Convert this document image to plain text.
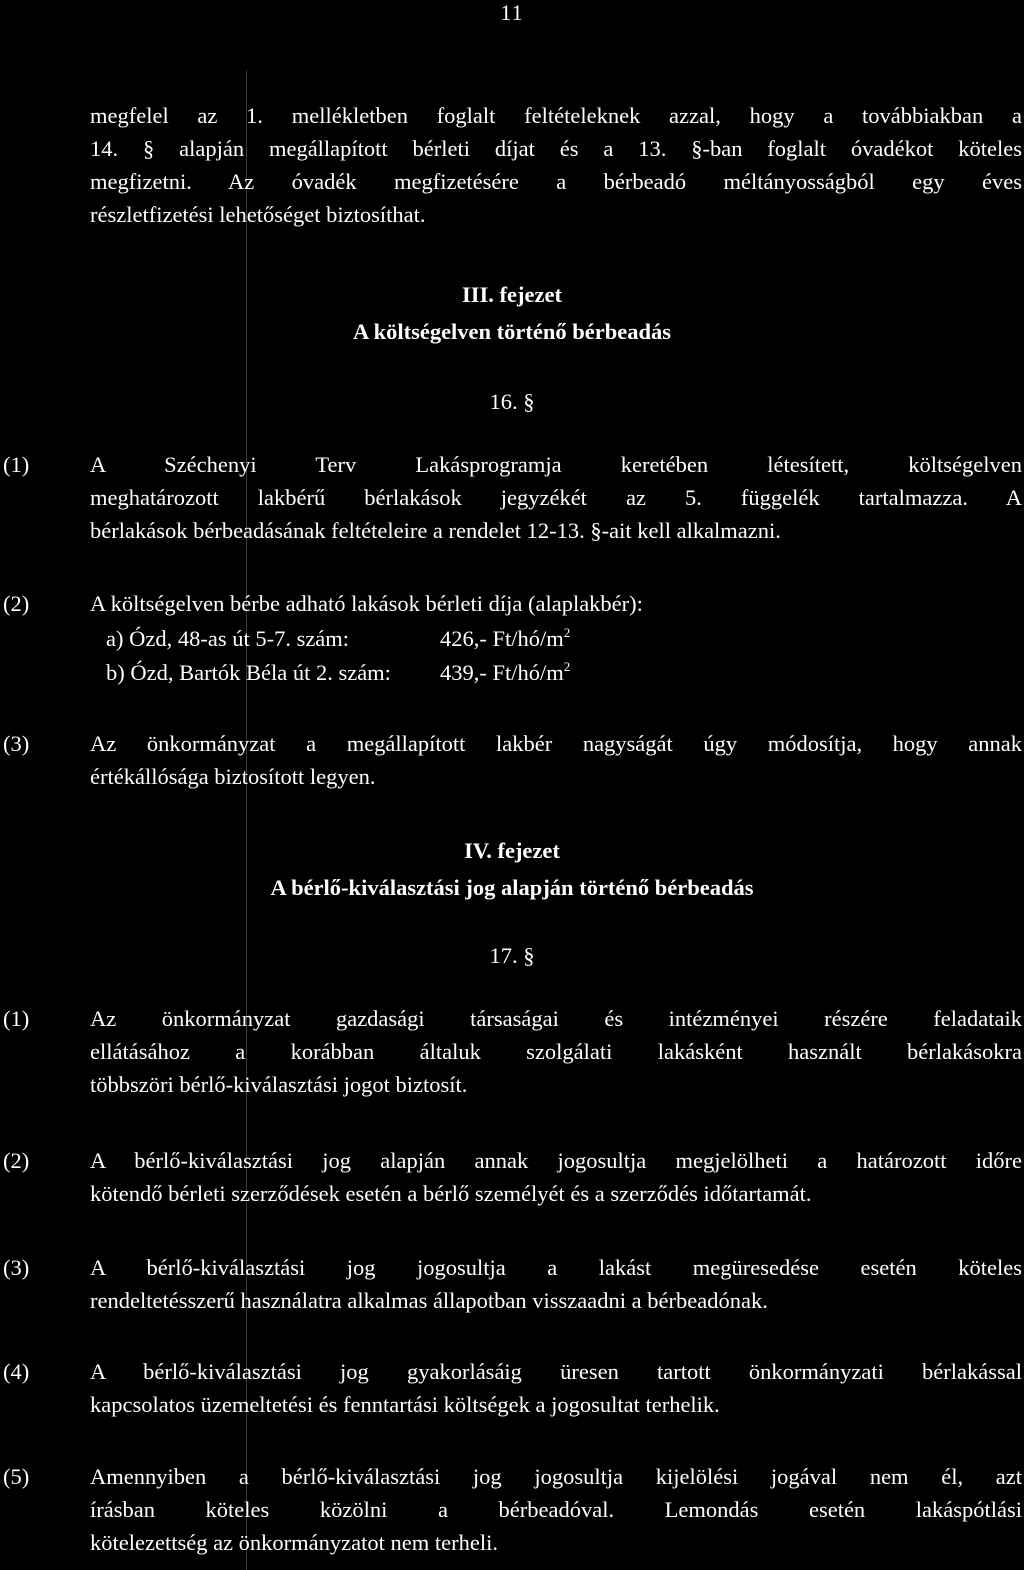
11
megfelel az 1. mellékletben foglalt feltételeknek azzal, hogy a továbbiakban a
14. § alapján megállapított bérleti díjat és a 13. §-ban foglalt óvadékot köteles
megfizetni. Az óvadék megfizetésére a bérbeadó méltányosságból egy éves
részletfizetési lehetőséget biztosíthat.
III. fejezet
A költségelven történő bérbeadás
16. §
(1)	A Széchenyi Terv Lakásprogramja keretében létesített, költségelven
meghatározott lakbérű bérlakások jegyzékét az 5. függelék tartalmazza. A
bérlakások bérbeadásának feltételeire a rendelet 12-13. §-ait kell alkalmazni.
(2)	A költségelven bérbe adható lakások bérleti díja (alaplakbér):
a) Ózd, 48-as út 5-7. szám:	426,- $Ft/hó/m^2$
b) Ózd, Bartók Béla út 2. szám: 439,- $Ft/hó/m^2$
(3)	Az önkormányzat a megállapított lakbér nagyságát úgy módosítja, hogy annak
értékállósága biztosított legyen.
IV. fejezet
A bérlő-kiválasztási jog alapján történő bérbeadás
17. §
(1)	Az önkormányzat gazdasági társaságai és intézményei részére feladataik
ellátásához a korábban általuk szolgálati lakásként használt bérlakásokra
többszöri bérlő-kiválasztási jogot biztosít.
(2)	A bérlő-kiválasztási jog alapján annak jogosultja megjelölheti a határozott időre
kötendő bérleti szerződések esetén a bérlő személyét és a szerződés időtartamát.
(3)	A bérlő-kiválasztási jog jogosultja a lakást megüresedése esetén köteles
rendeltetésszerű használatra alkalmas állapotban visszaadni a bérbeadónak.
(4)	A bérlő-kiválasztási jog gyakorlásáig üresen tartott önkormányzati bérlakással
kapcsolatos üzemeltetési és fenntartási költségek a jogosultat terhelik.
(5)	Amennyiben a bérlő-kiválasztási jog jogosultja kijelölési jogával nem él, azt
írásban köteles közölni a bérbeadóval. Lemondás esetén lakáspótlási
kötelezettség az önkormányzatot nem terheli.
